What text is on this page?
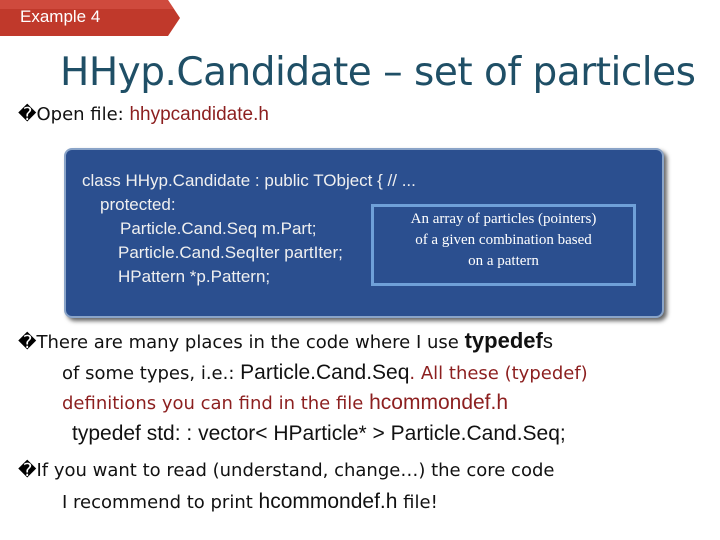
Example 4
HHyp.Candidate – set of particles
�Open file: hhypcandidate.h
class HHyp.Candidate : public TObject { // ...
protected:
Particle.Cand.Seq m.Part;
Particle.Cand.SeqIter partIter;
HPattern *p.Pattern;
An array of particles (pointers)
of a given combination based
on a pattern
�There are many places in the code where I use typedefs
of some types, i.e.: Particle.Cand.Seq. All these (typedef)
definitions you can find in the file hcommondef.h
typedef std: : vector< HParticle* > Particle.Cand.Seq;
�If you want to read (understand, change…) the core code
I recommend to print hcommondef.h file!
